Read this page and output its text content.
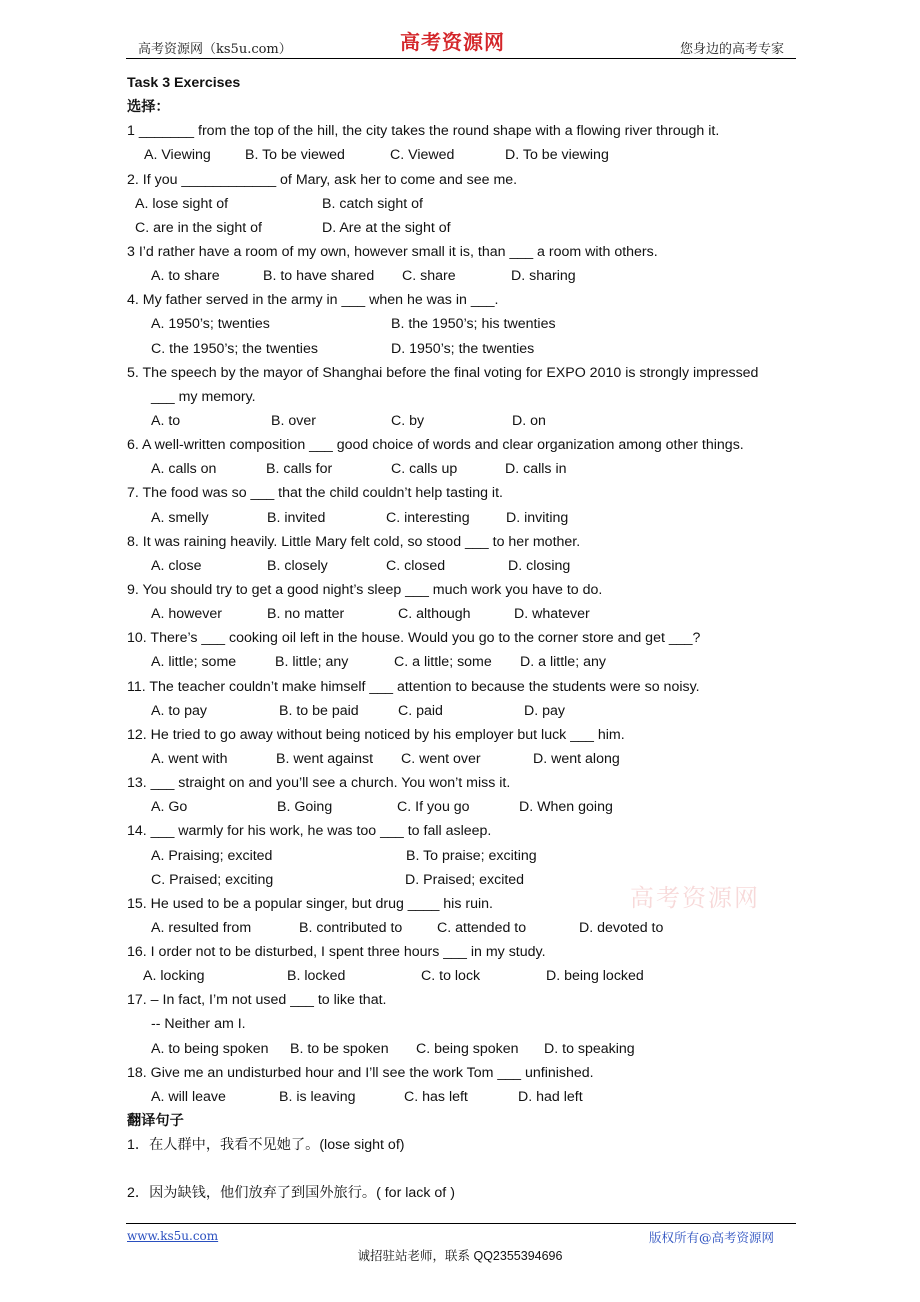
高考资源网（ks5u.com）	高考资源网	您身边的高考专家
高考资源网
Task 3 Exercises
选择：
1 _______ from the top of the hill, the city takes the round shape with a flowing river through it.
A. Viewing B. To be viewed	C. Viewed	D. To be viewing
2. If you ____________ of Mary, ask her to come and see me.
A. lose sight of	B. catch sight of
C. are in the sight of	D. Are at the sight of
3 I’d rather have a room of my own, however small it is, than ___ a room with others.
A. to share	B. to have shared C. share	D. sharing
4. My father served in the army in ___ when he was in ___.
A. 1950’s; twenties	B. the 1950’s; his twenties
C. the 1950’s; the twenties	D. 1950’s; the twenties
5. The speech by the mayor of Shanghai before the final voting for EXPO 2010 is strongly impressed
___ my memory.
A. to	B. over	C. by	D. on
6. A well-written composition ___ good choice of words and clear organization among other things.
A. calls on	B. calls for	C. calls up	D. calls in
7. The food was so ___ that the child couldn’t help tasting it.
A. smelly	B. invited	C. interesting	D. inviting
8. It was raining heavily. Little Mary felt cold, so stood ___ to her mother.
A. close	B. closely	C. closed	D. closing
9. You should try to get a good night’s sleep ___ much work you have to do.
A. however	B. no matter	C. although	D. whatever
10. There’s ___ cooking oil left in the house. Would you go to the corner store and get ___?
A. little; some	B. little; any	C. a little; some D. a little; any
11. The teacher couldn’t make himself ___ attention to because the students were so noisy.
A. to pay	B. to be paid	C. paid	D. pay
12. He tried to go away without being noticed by his employer but luck ___ him.
A. went with	B. went against C. went over	D. went along
13. ___ straight on and you’ll see a church. You won’t miss it.
A. Go	B. Going	C. If you go	D. When going
14. ___ warmly for his work, he was too ___ to fall asleep.
A. Praising; excited	B. To praise; exciting
C. Praised; exciting	D. Praised; excited
15. He used to be a popular singer, but drug ____ his ruin.
A. resulted from	B. contributed to C. attended to	D. devoted to
16. I order not to be disturbed, I spent three hours ___ in my study.
A. locking	B. locked	C. to lock	D. being locked
17. – In fact, I’m not used ___ to like that.
-- Neither am I.
A. to being spoken B. to be spoken C. being spoken D. to speaking
18. Give me an undisturbed hour and I’ll see the work Tom ___ unfinished.
A. will leave	B. is leaving	C. has left	D. had left
翻译句子
1．在人群中，我看不见她了。(lose sight of)
2．因为缺钱，他们放弃了到国外旅行。( for lack of )
www.ks5u.com	版权所有@高考资源网
诚招驻站老师，联系 QQ2355394696
